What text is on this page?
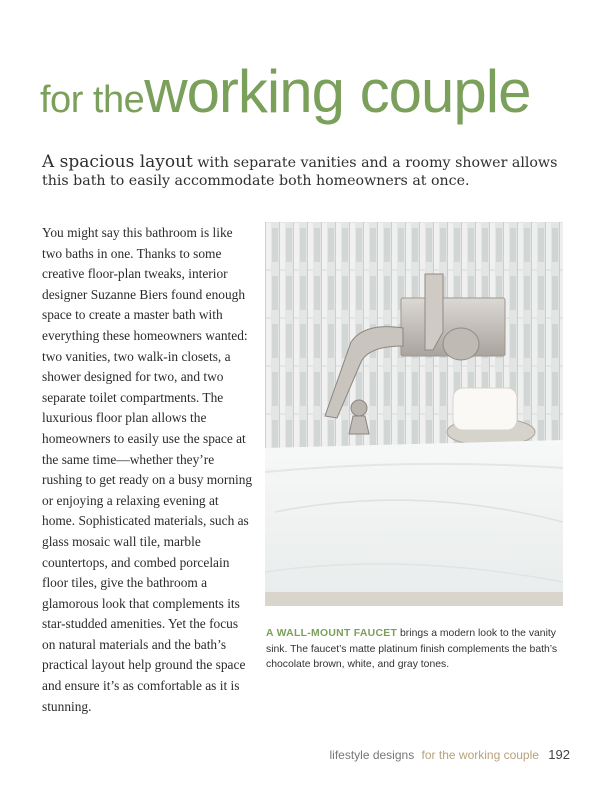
for theworking couple
A spacious layout with separate vanities and a roomy shower allows this bath to easily accommodate both homeowners at once.
You might say this bathroom is like two baths in one. Thanks to some creative floor-plan tweaks, interior designer Suzanne Biers found enough space to create a master bath with everything these homeowners wanted: two vanities, two walk-in closets, a shower designed for two, and two separate toilet compartments. The luxurious floor plan allows the homeowners to easily use the space at the same time—whether they’re rushing to get ready on a busy morning or enjoying a relaxing evening at home. Sophisticated materials, such as glass mosaic wall tile, marble countertops, and combed porcelain floor tiles, give the bathroom a glamorous look that complements its star-studded amenities. Yet the focus on natural materials and the bath’s practical layout help ground the space and ensure it’s as comfortable as it is stunning.
A WALL-MOUNT FAUCET brings a modern look to the vanity sink. The faucet’s matte platinum finish complements the bath’s chocolate brown, white, and gray tones.
lifestyle designs for the working couple 192
